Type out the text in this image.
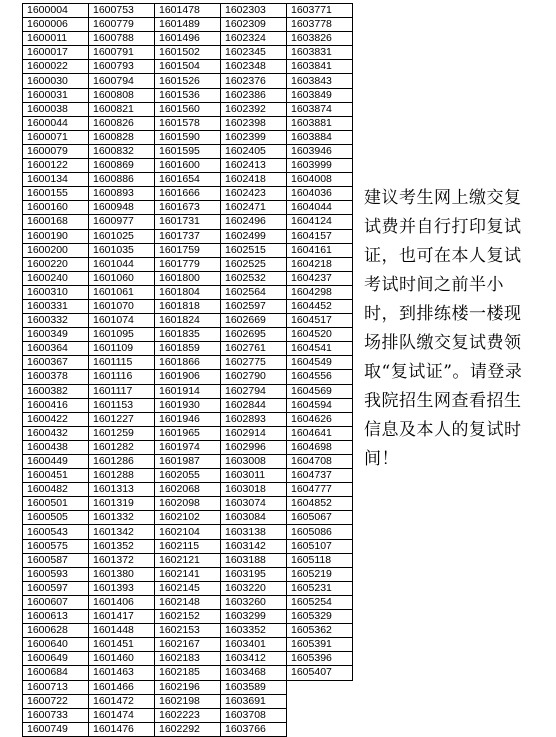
1600004	1600753	1601478	1602303	1603771
1600006	1600779	1601489	1602309	1603778
1600011	1600788	1601496	1602324	1603826
1600017	1600791	1601502	1602345	1603831
1600022	1600793	1601504	1602348	1603841
1600030	1600794	1601526	1602376	1603843
1600031	1600808	1601536	1602386	1603849
1600038	1600821	1601560	1602392	1603874
1600044	1600826	1601578	1602398	1603881
1600071	1600828	1601590	1602399	1603884
1600079	1600832	1601595	1602405	1603946
1600122	1600869	1601600	1602413	1603999
1600134	1600886	1601654	1602418	1604008
1600155	1600893	1601666	1602423	1604036
1600160	1600948	1601673	1602471	1604044
1600168	1600977	1601731	1602496	1604124
1600190	1601025	1601737	1602499	1604157
1600200	1601035	1601759	1602515	1604161
1600220	1601044	1601779	1602525	1604218
1600240	1601060	1601800	1602532	1604237
1600310	1601061	1601804	1602564	1604298
1600331	1601070	1601818	1602597	1604452
1600332	1601074	1601824	1602669	1604517
1600349	1601095	1601835	1602695	1604520
1600364	1601109	1601859	1602761	1604541
1600367	1601115	1601866	1602775	1604549
1600378	1601116	1601906	1602790	1604556
1600382	1601117	1601914	1602794	1604569
1600416	1601153	1601930	1602844	1604594
1600422	1601227	1601946	1602893	1604626
1600432	1601259	1601965	1602914	1604641
1600438	1601282	1601974	1602996	1604698
1600449	1601286	1601987	1603008	1604708
1600451	1601288	1602055	1603011	1604737
1600482	1601313	1602068	1603018	1604777
1600501	1601319	1602098	1603074	1604852
1600505	1601332	1602102	1603084	1605067
1600543	1601342	1602104	1603138	1605086
1600575	1601352	1602115	1603142	1605107
1600587	1601372	1602121	1603188	1605118
1600593	1601380	1602141	1603195	1605219
1600597	1601393	1602145	1603220	1605231
1600607	1601406	1602148	1603260	1605254
1600613	1601417	1602152	1603299	1605329
1600628	1601448	1602153	1603352	1605362
1600640	1601451	1602167	1603401	1605391
1600649	1601460	1602183	1603412	1605396
1600684	1601463	1602185	1603468	1605407
1600713	1601466	1602196	1603589	
1600722	1601472	1602198	1603691	
1600733	1601474	1602223	1603708	
1600749	1601476	1602292	1603766	

建议考生网上缴交复试费并自行打印复试证，也可在本人复试考试时间之前半小时，到排练楼一楼现场排队缴交复试费领取“复试证”。请登录我院招生网查看招生信息及本人的复试时间！
